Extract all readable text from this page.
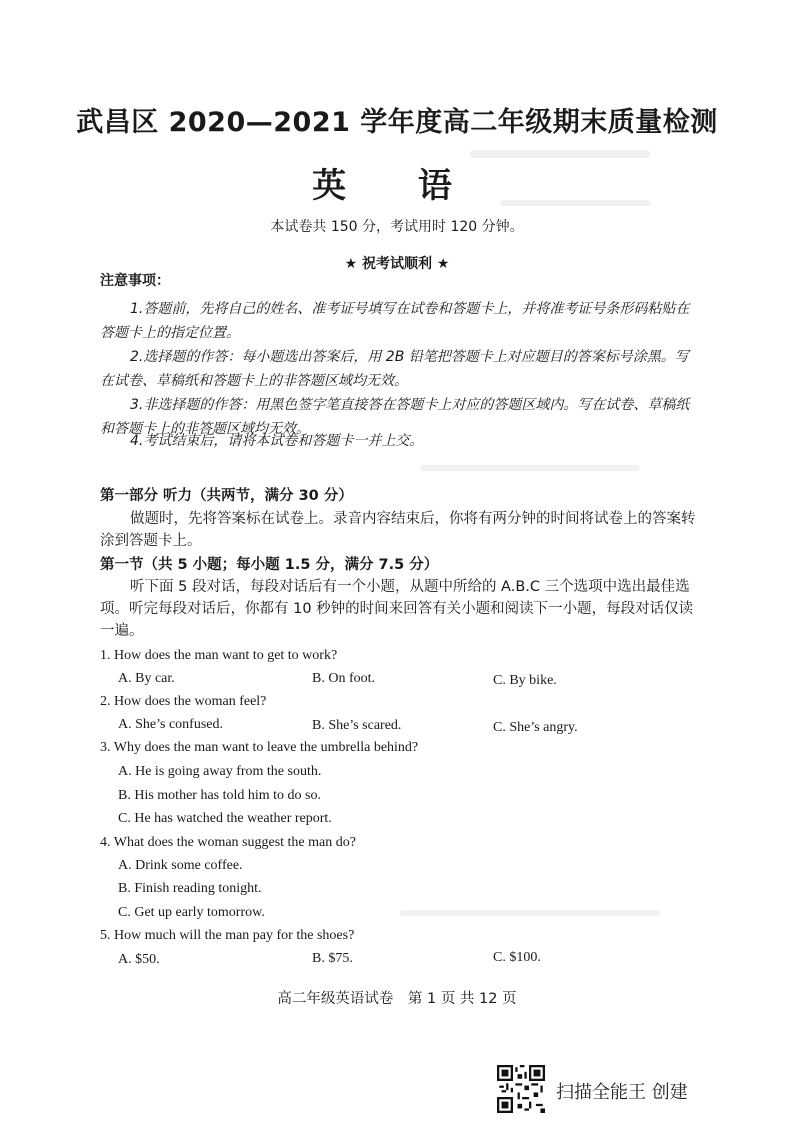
武昌区 2020—2021 学年度高二年级期末质量检测
英 语
本试卷共 150 分，考试用时 120 分钟。
★ 祝考试顺利 ★
注意事项：
1.答题前，先将自己的姓名、准考证号填写在试卷和答题卡上，并将准考证号条形码粘贴在答题卡上的指定位置。
2.选择题的作答：每小题选出答案后，用 2B 铅笔把答题卡上对应题目的答案标号涂黑。写在试卷、草稿纸和答题卡上的非答题区域均无效。
3.非选择题的作答：用黑色签字笔直接答在答题卡上对应的答题区域内。写在试卷、草稿纸和答题卡上的非答题区域均无效。
4.考试结束后，请将本试卷和答题卡一并上交。
第一部分 听力（共两节，满分 30 分）
做题时，先将答案标在试卷上。录音内容结束后，你将有两分钟的时间将试卷上的答案转涂到答题卡上。
第一节（共 5 小题；每小题 1.5 分，满分 7.5 分）
听下面 5 段对话，每段对话后有一个小题，从题中所给的 A.B.C 三个选项中选出最佳选项。听完每段对话后，你都有 10 秒钟的时间来回答有关小题和阅读下一小题，每段对话仅读一遍。
1. How does the man want to get to work?
A. By car.	B. On foot.	C. By bike.
2. How does the woman feel?
A. She’s confused.	B. She’s scared.	C. She’s angry.
3. Why does the man want to leave the umbrella behind?
A. He is going away from the south.
B. His mother has told him to do so.
C. He has watched the weather report.
4. What does the woman suggest the man do?
A. Drink some coffee.
B. Finish reading tonight.
C. Get up early tomorrow.
5. How much will the man pay for the shoes?
A. $50.	B. $75.	C. $100.
高二年级英语试卷　第 1 页 共 12 页
扫描全能王 创建
